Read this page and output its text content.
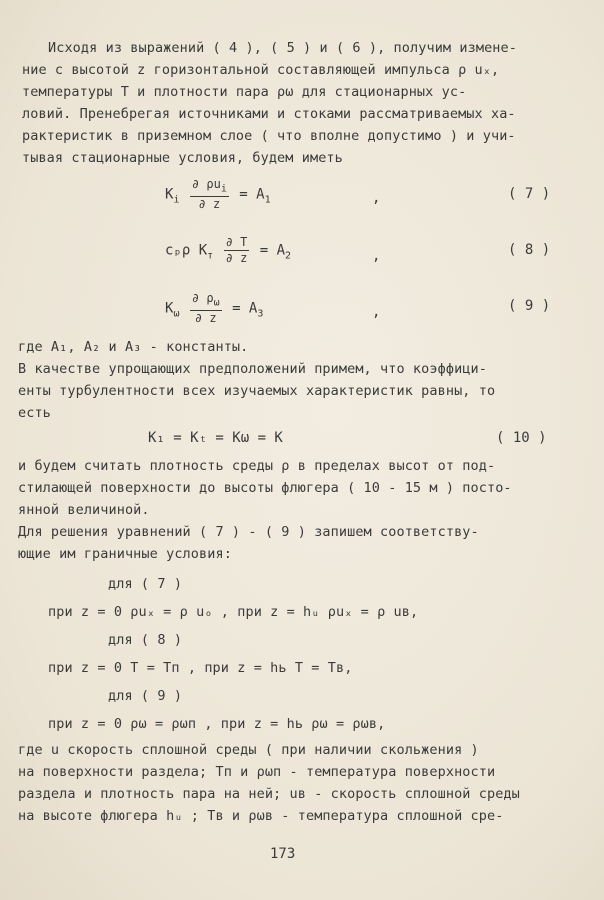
Исходя из выражений ( 4 ), ( 5 ) и ( 6 ), получим измене-
ние с высотой z горизонтальной составляющей импульса ρ uₓ,
температуры T и плотности пара ρω для стационарных ус-
ловий. Пренебрегая источниками и стоками рассматриваемых ха-
рактеристик в приземном слое ( что вполне допустимо ) и учи-
тывая стационарные условия, будем иметь
$K_i \frac{\partial \rho u_i}{\partial z} = A_1$	,	( 7 )
cₚρ $K_т \frac{\partial T}{\partial z} = A_2$	,	( 8 )
$K_\omega \frac{\partial \rho_\omega}{\partial z} = A_3$	,	( 9 )
где A₁, A₂ и A₃ - константы.
В качестве упрощающих предположений примем, что коэффици-
енты турбулентности всех изучаемых характеристик равны, то
есть
K₁ = Kₜ = Kω = K	( 10 )
и будем считать плотность среды ρ в пределах высот от под-
стилающей поверхности до высоты флюгера ( 10 - 15 м ) посто-
янной величиной.
Для решения уравнений ( 7 ) - ( 9 ) запишем соответству-
ющие им граничные условия:
для ( 7 )
при z = 0 ρuₓ = ρ uₒ , при z = hᵤ ρuₓ = ρ uв,
для ( 8 )
при z = 0 T = Tп , при z = hь T = Tв,
для ( 9 )
при z = 0 ρω = ρωп , при z = hь ρω = ρωв,
где u скорость сплошной среды ( при наличии скольжения )
на поверхности раздела; Tп и ρωп - температура поверхности
раздела и плотность пара на ней; uв - скорость сплошной среды
на высоте флюгера hᵤ ; Tв и ρωв - температура сплошной сре-
173
